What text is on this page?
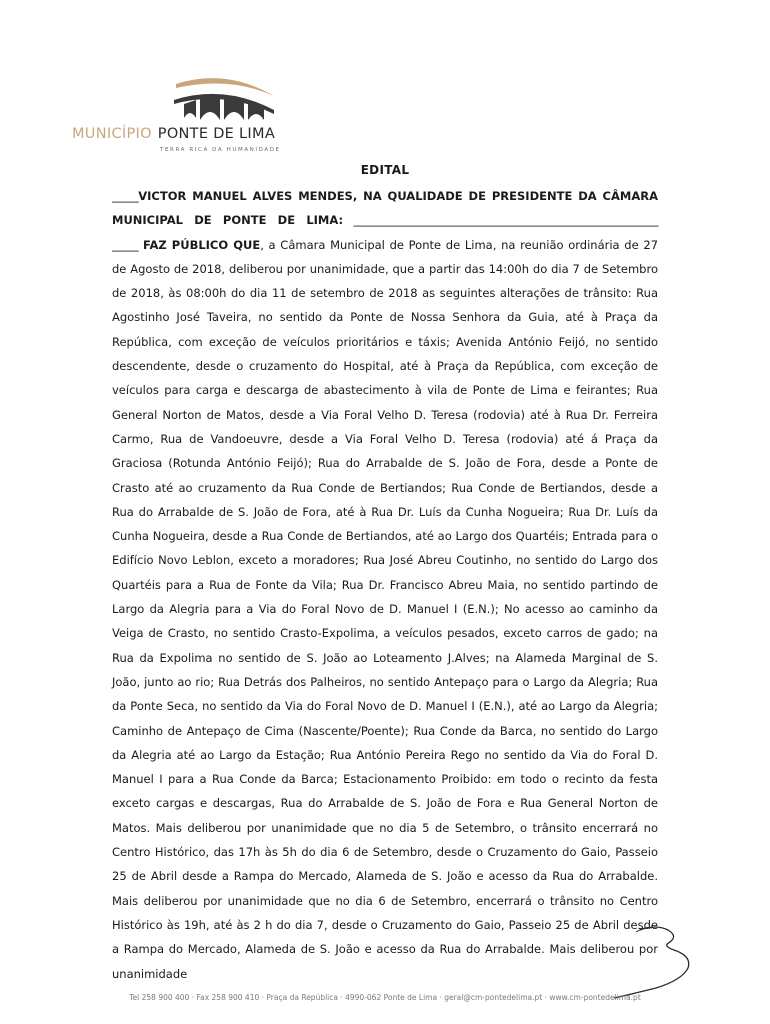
MUNICÍPIO PONTE DE LIMA
TERRA RICA DA HUMANIDADE
EDITAL

_____VICTOR MANUEL ALVES MENDES, NA QUALIDADE DE PRESIDENTE DA CÂMARA MUNICIPAL DE PONTE DE LIMA: __________________________________________________________

_____ FAZ PÚBLICO QUE, a Câmara Municipal de Ponte de Lima, na reunião ordinária de 27 de Agosto de 2018, deliberou por unanimidade, que a partir das 14:00h do dia 7 de Setembro de 2018, às 08:00h do dia 11 de setembro de 2018 as seguintes alterações de trânsito: Rua Agostinho José Taveira, no sentido da Ponte de Nossa Senhora da Guia, até à Praça da República, com exceção de veículos prioritários e táxis; Avenida António Feijó, no sentido descendente, desde o cruzamento do Hospital, até à Praça da República, com exceção de veículos para carga e descarga de abastecimento à vila de Ponte de Lima e feirantes; Rua General Norton de Matos, desde a Via Foral Velho D. Teresa (rodovia) até à Rua Dr. Ferreira Carmo, Rua de Vandoeuvre, desde a Via Foral Velho D. Teresa (rodovia) até á Praça da Graciosa (Rotunda António Feijó); Rua do Arrabalde de S. João de Fora, desde a Ponte de Crasto até ao cruzamento da Rua Conde de Bertiandos; Rua Conde de Bertiandos, desde a Rua do Arrabalde de S. João de Fora, até à Rua Dr. Luís da Cunha Nogueira; Rua Dr. Luís da Cunha Nogueira, desde a Rua Conde de Bertiandos, até ao Largo dos Quartéis; Entrada para o Edifício Novo Leblon, exceto a moradores; Rua José Abreu Coutinho, no sentido do Largo dos Quartéis para a Rua de Fonte da Vila; Rua Dr. Francisco Abreu Maia, no sentido partindo de Largo da Alegria para a Via do Foral Novo de D. Manuel I (E.N.); No acesso ao caminho da Veiga de Crasto, no sentido Crasto-Expolima, a veículos pesados, exceto carros de gado; na Rua da Expolima no sentido de S. João ao Loteamento J.Alves; na Alameda Marginal de S. João, junto ao rio; Rua Detrás dos Palheiros, no sentido Antepaço para o Largo da Alegria; Rua da Ponte Seca, no sentido da Via do Foral Novo de D. Manuel I (E.N.), até ao Largo da Alegria; Caminho de Antepaço de Cima (Nascente/Poente); Rua Conde da Barca, no sentido do Largo da Alegria até ao Largo da Estação; Rua António Pereira Rego no sentido da Via do Foral D. Manuel I para a Rua Conde da Barca; Estacionamento Proibido: em todo o recinto da festa exceto cargas e descargas, Rua do Arrabalde de S. João de Fora e Rua General Norton de Matos. Mais deliberou por unanimidade que no dia 5 de Setembro, o trânsito encerrará no Centro Histórico, das 17h às 5h do dia 6 de Setembro, desde o Cruzamento do Gaio, Passeio 25 de Abril desde a Rampa do Mercado, Alameda de S. João e acesso da Rua do Arrabalde. Mais deliberou por unanimidade que no dia 6 de Setembro, encerrará o trânsito no Centro Histórico às 19h, até às 2 h do dia 7, desde o Cruzamento do Gaio, Passeio 25 de Abril desde a Rampa do Mercado, Alameda de S. João e acesso da Rua do Arrabalde. Mais deliberou por unanimidade

Tel 258 900 400 · Fax 258 900 410 · Praça da República · 4990-062 Ponte de Lima · geral@cm-pontedelima.pt · www.cm-pontedelima.pt
